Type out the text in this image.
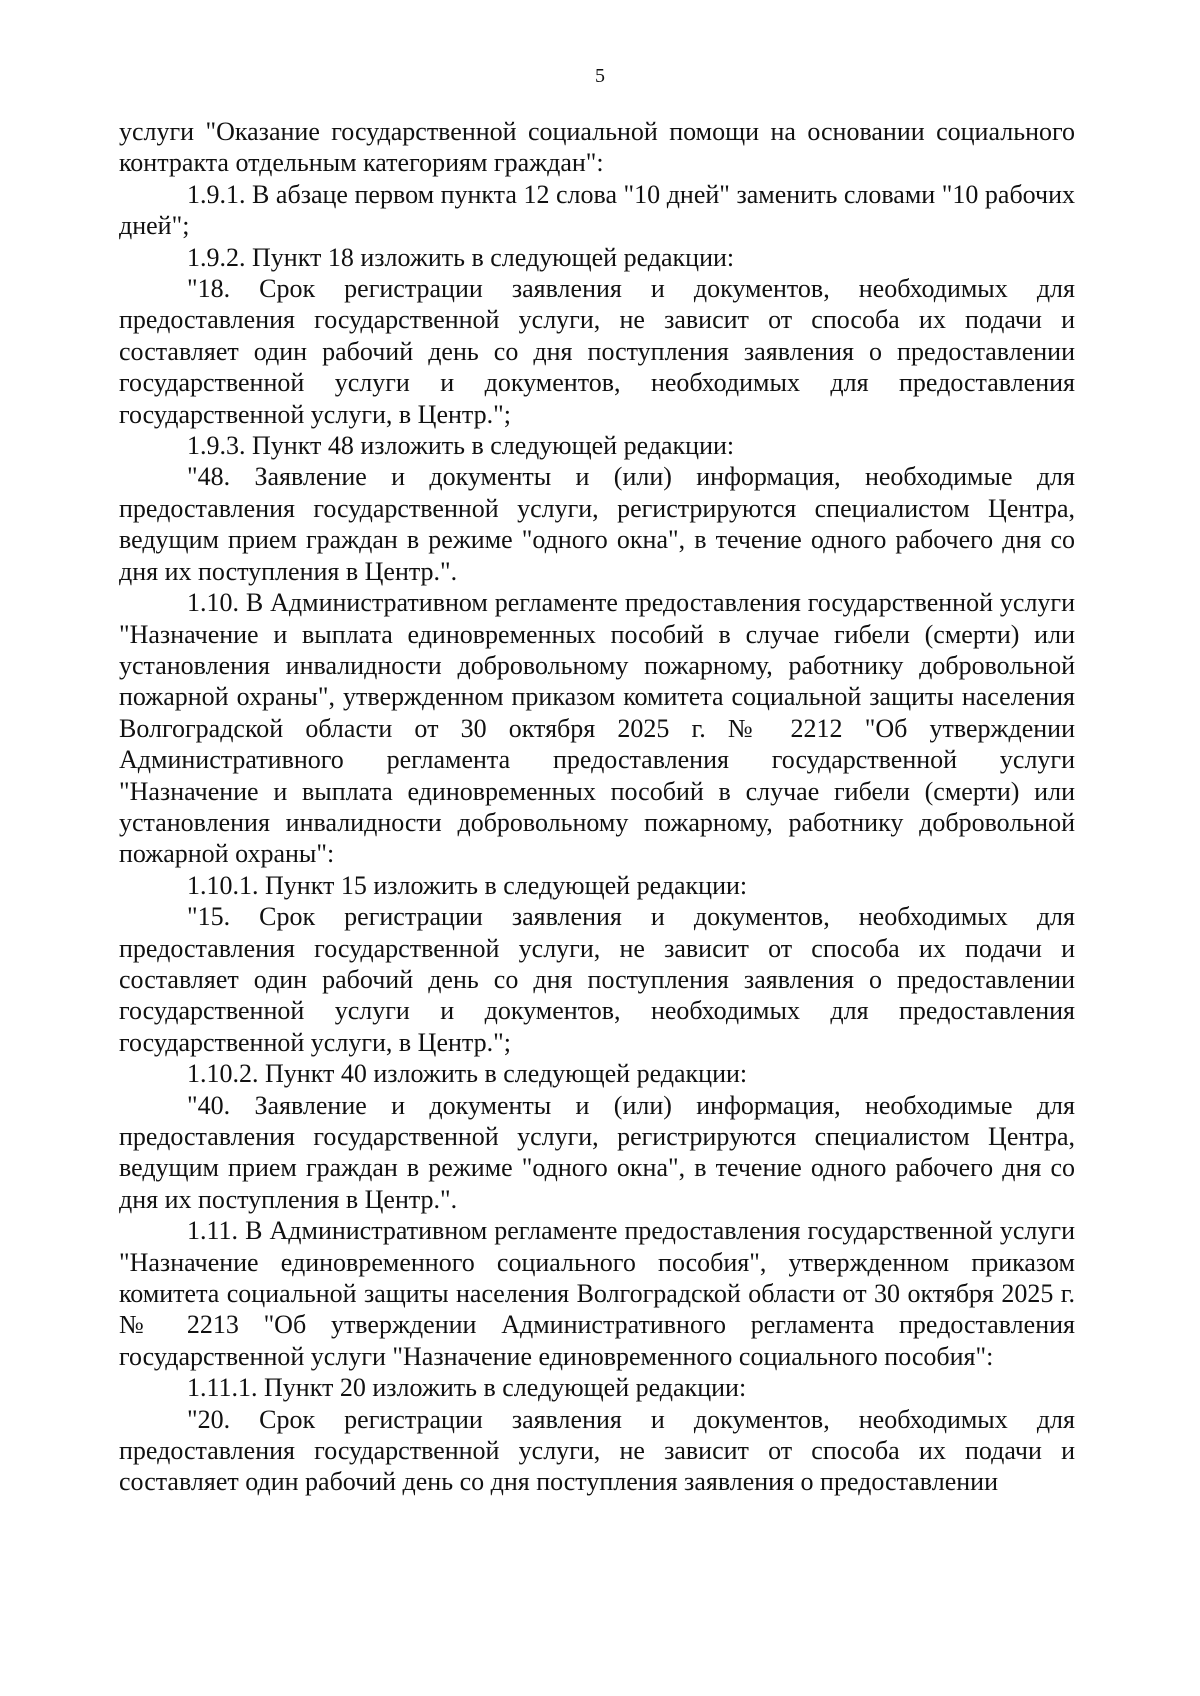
5

услуги "Оказание государственной социальной помощи на основании социального контракта отдельным категориям граждан":

1.9.1. В абзаце первом пункта 12 слова "10 дней" заменить словами "10 рабочих дней";

1.9.2. Пункт 18 изложить в следующей редакции:

"18. Срок регистрации заявления и документов, необходимых для предоставления государственной услуги, не зависит от способа их подачи и составляет один рабочий день со дня поступления заявления о предоставлении государственной услуги и документов, необходимых для предоставления государственной услуги, в Центр.";

1.9.3. Пункт 48 изложить в следующей редакции:

"48. Заявление и документы и (или) информация, необходимые для предоставления государственной услуги, регистрируются специалистом Центра, ведущим прием граждан в режиме "одного окна", в течение одного рабочего дня со дня их поступления в Центр.".

1.10. В Административном регламенте предоставления государственной услуги "Назначение и выплата единовременных пособий в случае гибели (смерти) или установления инвалидности добровольному пожарному, работнику добровольной пожарной охраны", утвержденном приказом комитета социальной защиты населения Волгоградской области от 30 октября 2025 г. № 2212 "Об утверждении Административного регламента предоставления государственной услуги "Назначение и выплата единовременных пособий в случае гибели (смерти) или установления инвалидности добровольному пожарному, работнику добровольной пожарной охраны":

1.10.1. Пункт 15 изложить в следующей редакции:

"15. Срок регистрации заявления и документов, необходимых для предоставления государственной услуги, не зависит от способа их подачи и составляет один рабочий день со дня поступления заявления о предоставлении государственной услуги и документов, необходимых для предоставления государственной услуги, в Центр.";

1.10.2. Пункт 40 изложить в следующей редакции:

"40. Заявление и документы и (или) информация, необходимые для предоставления государственной услуги, регистрируются специалистом Центра, ведущим прием граждан в режиме "одного окна", в течение одного рабочего дня со дня их поступления в Центр.".

1.11. В Административном регламенте предоставления государственной услуги "Назначение единовременного социального пособия", утвержденном приказом комитета социальной защиты населения Волгоградской области от 30 октября 2025 г. № 2213 "Об утверждении Административного регламента предоставления государственной услуги "Назначение единовременного социального пособия":

1.11.1. Пункт 20 изложить в следующей редакции:

"20. Срок регистрации заявления и документов, необходимых для предоставления государственной услуги, не зависит от способа их подачи и составляет один рабочий день со дня поступления заявления о предоставлении
